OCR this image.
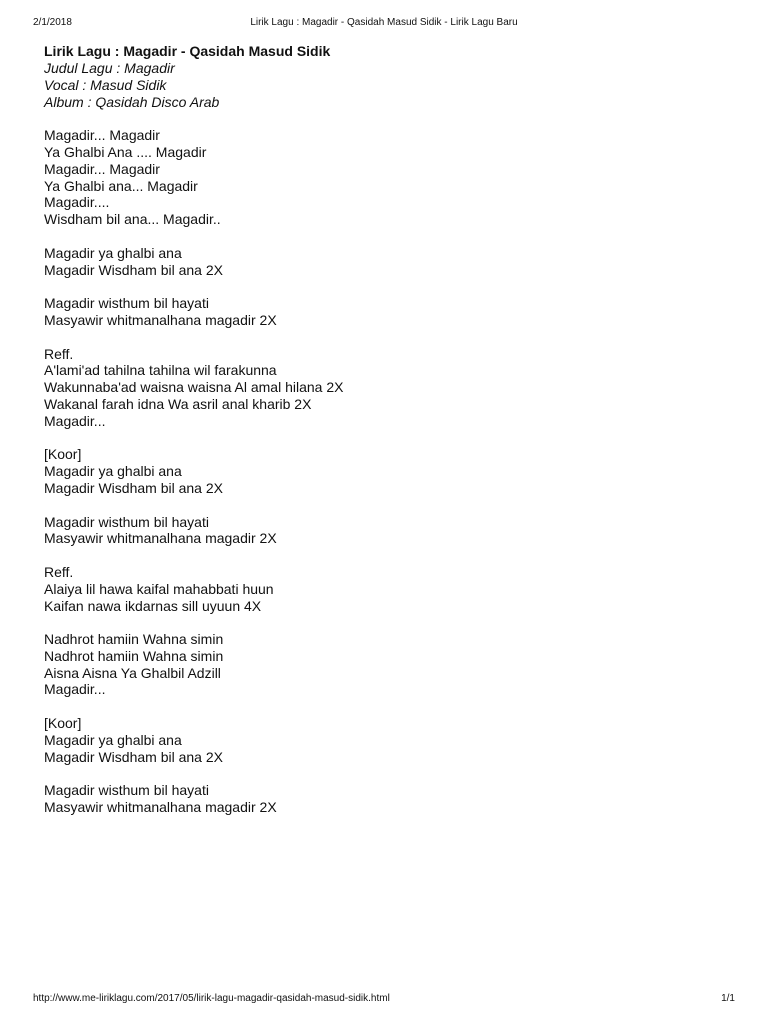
2/1/2018	Lirik Lagu : Magadir - Qasidah Masud Sidik - Lirik Lagu Baru
Lirik Lagu : Magadir - Qasidah Masud Sidik
Judul Lagu : Magadir
Vocal : Masud Sidik
Album : Qasidah Disco Arab
Magadir... Magadir
Ya Ghalbi Ana .... Magadir
Magadir... Magadir
Ya Ghalbi ana... Magadir
Magadir....
Wisdham bil ana... Magadir..
Magadir ya ghalbi ana
Magadir Wisdham bil ana 2X
Magadir wisthum bil hayati
Masyawir whitmanalhana magadir 2X
Reff.
A'lami'ad tahilna tahilna wil farakunna
Wakunnaba'ad waisna waisna Al amal hilana 2X
Wakanal farah idna Wa asril anal kharib 2X
Magadir...
[Koor]
Magadir ya ghalbi ana
Magadir Wisdham bil ana 2X
Magadir wisthum bil hayati
Masyawir whitmanalhana magadir 2X
Reff.
Alaiya lil hawa kaifal mahabbati huun
Kaifan nawa ikdarnas sill uyuun 4X
Nadhrot hamiin Wahna simin
Nadhrot hamiin Wahna simin
Aisna Aisna Ya Ghalbil Adzill
Magadir...
[Koor]
Magadir ya ghalbi ana
Magadir Wisdham bil ana 2X
Magadir wisthum bil hayati
Masyawir whitmanalhana magadir 2X
http://www.me-liriklagu.com/2017/05/lirik-lagu-magadir-qasidah-masud-sidik.html	1/1
